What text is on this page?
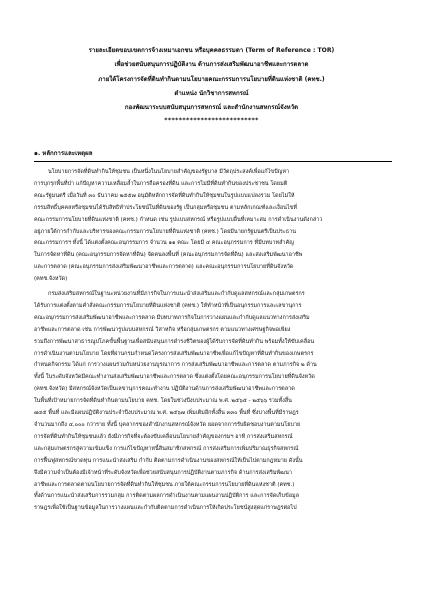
รายละเอียดขอบเขตการจ้างเหมาเอกชน หรือบุคคลธรรมดา (Term of Reference : TOR)
เพื่อช่วยสนับสนุนการปฏิบัติงาน ด้านการส่งเสริมพัฒนาอาชีพและการตลาด
ภายใต้โครงการจัดที่ดินทำกินตามนโยบายคณะกรรมการนโยบายที่ดินแห่งชาติ (คทช.)
ตำแหน่ง นักวิชาการสหกรณ์
กองพัฒนาระบบสนับสนุนการสหกรณ์ และสำนักงานสหกรณ์จังหวัด
**************************
๑. หลักการและเหตุผล
นโยบายการจัดที่ดินทำกินให้ชุมชน เป็นหนึ่งในนโยบายสำคัญของรัฐบาล มีวัตถุประสงค์เพื่อแก้ไขปัญหา
การบุกรุกพื้นที่ป่า แก้ปัญหาความเหลื่อมล้ำในการถือครองที่ดิน และการไม่มีที่ดินทำกินของประชาชน โดยมติ
คณะรัฐมนตรี เมื่อวันที่ ๓๐ ธันวาคม ๒๕๕๗ อนุมัติหลักการจัดที่ดินทำกินให้ชุมชนในรูปแบบแปลงรวม โดยไม่ให้
กรรมสิทธิ์บุคคลหรือชุมชนได้รับสิทธิทำประโยชน์ในที่ดินของรัฐ เป็นกลุ่มหรือชุมชน ตามหลักเกณฑ์และเงื่อนไขที่
คณะกรรมการนโยบายที่ดินแห่งชาติ (คทช.) กำหนด เช่น รูปแบบสหกรณ์ หรือรูปแบบอื่นที่เหมาะสม การดำเนินงานดังกล่าว
อยู่ภายใต้การกำกับและบริหารของคณะกรรมการนโยบายที่ดินแห่งชาติ (คทช.) โดยมีนายกรัฐมนตรีเป็นประธาน
คณะกรรมการฯ ทั้งนี้ ได้แต่งตั้งคณะอนุกรรมการ จำนวน ๑๑ คณะ โดยมี ๔ คณะอนุกรรมการ ที่มีบทบาทสำคัญ
ในการจัดหาที่ดิน (คณะอนุกรรมการจัดหาที่ดิน) จัดคนลงพื้นที่ (คณะอนุกรรมการจัดที่ดิน) และส่งเสริมพัฒนาอาชีพ
และการตลาด (คณะอนุกรรมการส่งเสริมพัฒนาอาชีพและการตลาด) และคณะอนุกรรมการนโยบายที่ดินจังหวัด
(คทช.จังหวัด)
กรมส่งเสริมสหกรณ์ในฐานะหน่วยงานที่มีภารกิจในการแนะนำส่งเสริมและกำกับดูแลสหกรณ์และกลุ่มเกษตรกร
ได้รับการแต่งตั้งตามคำสั่งคณะกรรมการนโยบายที่ดินแห่งชาติ (คทช.) ให้ทำหน้าที่เป็นอนุกรรมการและเลขานุการ
คณะอนุกรรมการส่งเสริมพัฒนาอาชีพและการตลาด มีบทบาทภารกิจในการวางแผนและกำกับดูแลแนวทางการส่งเสริม
อาชีพและการตลาด เช่น การพัฒนารูปแบบสหกรณ์ วิสาหกิจ หรือกลุ่มเกษตรกร ตามแนวทางเศรษฐกิจพอเพียง
รวมถึงการพัฒนาสาธารณูปโภคขั้นพื้นฐานเพื่อสนับสนุนการดำรงชีวิตของผู้ได้รับการจัดที่ดินทำกิน พร้อมทั้งให้ขับเคลื่อน
การดำเนินงานตามนโยบาย โดยที่ผ่านกรมกำหนดโครงการส่งเสริมพัฒนาอาชีพเพื่อแก้ไขปัญหาที่ดินทำกินของเกษตรกร
กำหนดกิจกรรม ได้แก่ การวางแผนร่วมกับหน่วยงานบูรณาการ การส่งเสริมพัฒนาอาชีพและการตลาด ตามภารกิจ ๒ ด้าน
ทั้งนี้ ในระดับจังหวัดมีคณะทำงานส่งเสริมพัฒนาอาชีพและการตลาด ซึ่งแต่งตั้งโดยคณะอนุกรรมการนโยบายที่ดินจังหวัด
(คทช.จังหวัด) มีสหกรณ์จังหวัดเป็นเลขานุการคณะทำงาน ปฏิบัติงานด้านการส่งเสริมพัฒนาอาชีพและการตลาด
ในพื้นที่เป้าหมายการจัดที่ดินทำกินตามนโยบาย คทช. โดยในช่วงปีงบประมาณ พ.ศ. ๒๕๖๕ - ๒๕๖๖ รวมทั้งสิ้น
๗๔๕ พื้นที่ และมีแผนปฏิบัติงานประจำปีงบประมาณ พ.ศ. ๒๕๖๗ เพิ่มเติมอีกทั้งสิ้น ๓๓๐ พื้นที่ ซึ่งบางพื้นที่มีราษฎร
จำนวนมากถึง ๔,๐๐๐ กว่าราย ทั้งนี้ บุคลากรของสำนักงานสหกรณ์จังหวัด ยอดจากการรับผิดชอบงานตามนโยบาย
การจัดที่ดินทำกินให้ชุมชนแล้ว ยังมีภารกิจที่จะต้องขับเคลื่อนนโยบายสำคัญของกรมฯ อาทิ การส่งเสริมสหกรณ์
และกลุ่มเกษตรกรสู่ความเข้มแข็ง การแก้ไขปัญหาหนี้สินสมาชิกสหกรณ์ การส่งเสริมการเพิ่มปริมาณธุรกิจสหกรณ์
การฟื้นฟูสหกรณ์ขาดทุน การแนะนำส่งเสริม กำกับ ติดตามการดำเนินงานของสหกรณ์ให้เป็นไปตามกฎหมาย ดังนั้น
จึงมีความจำเป็นต้องมีเจ้าหน้าที่ระดับจังหวัดเพื่อช่วยสนับสนุนการปฏิบัติงานตามภารกิจ ด้านการส่งเสริมพัฒนา
อาชีพและการตลาดตามนโยบายการจัดที่ดินทำกินให้ชุมชน ภายใต้คณะกรรมการนโยบายที่ดินแห่งชาติ (คทช.)
ทั้งด้านการแนะนำส่งเสริมการรวมกลุ่ม การติดตามผลการดำเนินงานตามแผนงานปฏิบัติการ และการจัดเก็บข้อมูล
ราษฎรเพื่อใช้เป็นฐานข้อมูลในการวางแผนและกำกับติดตามการดำเนินการให้เกิดประโยชน์สูงสุดแก่ราษฎรต่อไป
